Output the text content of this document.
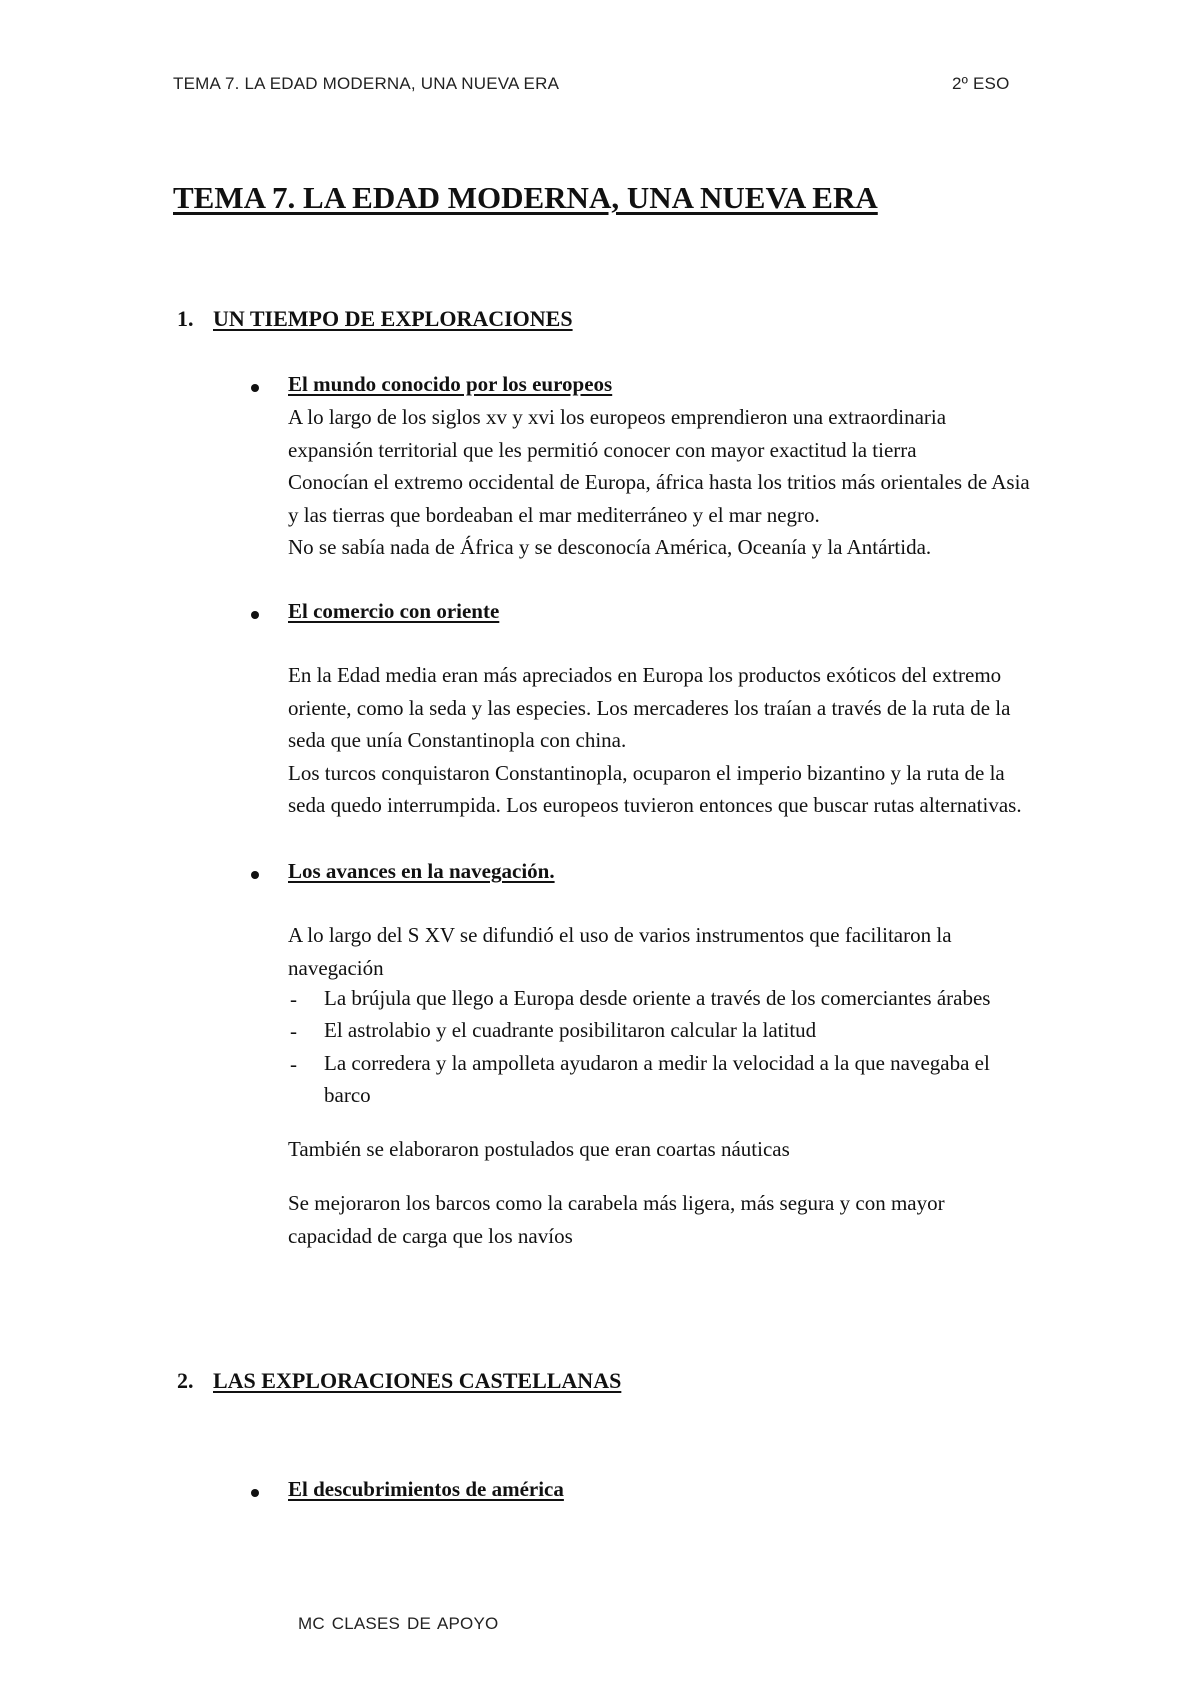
TEMA 7. LA EDAD MODERNA, UNA NUEVA ERA	2º ESO
TEMA 7. LA EDAD MODERNA, UNA NUEVA ERA
1. UN TIEMPO DE EXPLORACIONES
El mundo conocido por los europeos
A lo largo de los siglos xv y xvi los europeos emprendieron una extraordinaria
expansión territorial que les permitió conocer con mayor exactitud la tierra
Conocían el extremo occidental de Europa, áfrica hasta los tritios más orientales de Asia
y las tierras que bordeaban el mar mediterráneo y el mar negro.
No se sabía nada de África y se desconocía América, Oceanía y la Antártida.
El comercio con oriente
En la Edad media eran más apreciados en Europa los productos exóticos del extremo
oriente, como la seda y las especies. Los mercaderes los traían a través de la ruta de la
seda que unía Constantinopla con china.
Los turcos conquistaron Constantinopla, ocuparon el imperio bizantino y la ruta de la
seda quedo interrumpida. Los europeos tuvieron entonces que buscar rutas alternativas.
Los avances en la navegación.
A lo largo del S XV se difundió el uso de varios instrumentos que facilitaron la
navegación
- La brújula que llego a Europa desde oriente a través de los comerciantes árabes
- El astrolabio y el cuadrante posibilitaron calcular la latitud
- La corredera y la ampolleta ayudaron a medir la velocidad a la que navegaba el
barco
También se elaboraron postulados que eran coartas náuticas
Se mejoraron los barcos como la carabela más ligera, más segura y con mayor
capacidad de carga que los navíos
2. LAS EXPLORACIONES CASTELLANAS
El descubrimientos de américa
MC CLASES DE APOYO
